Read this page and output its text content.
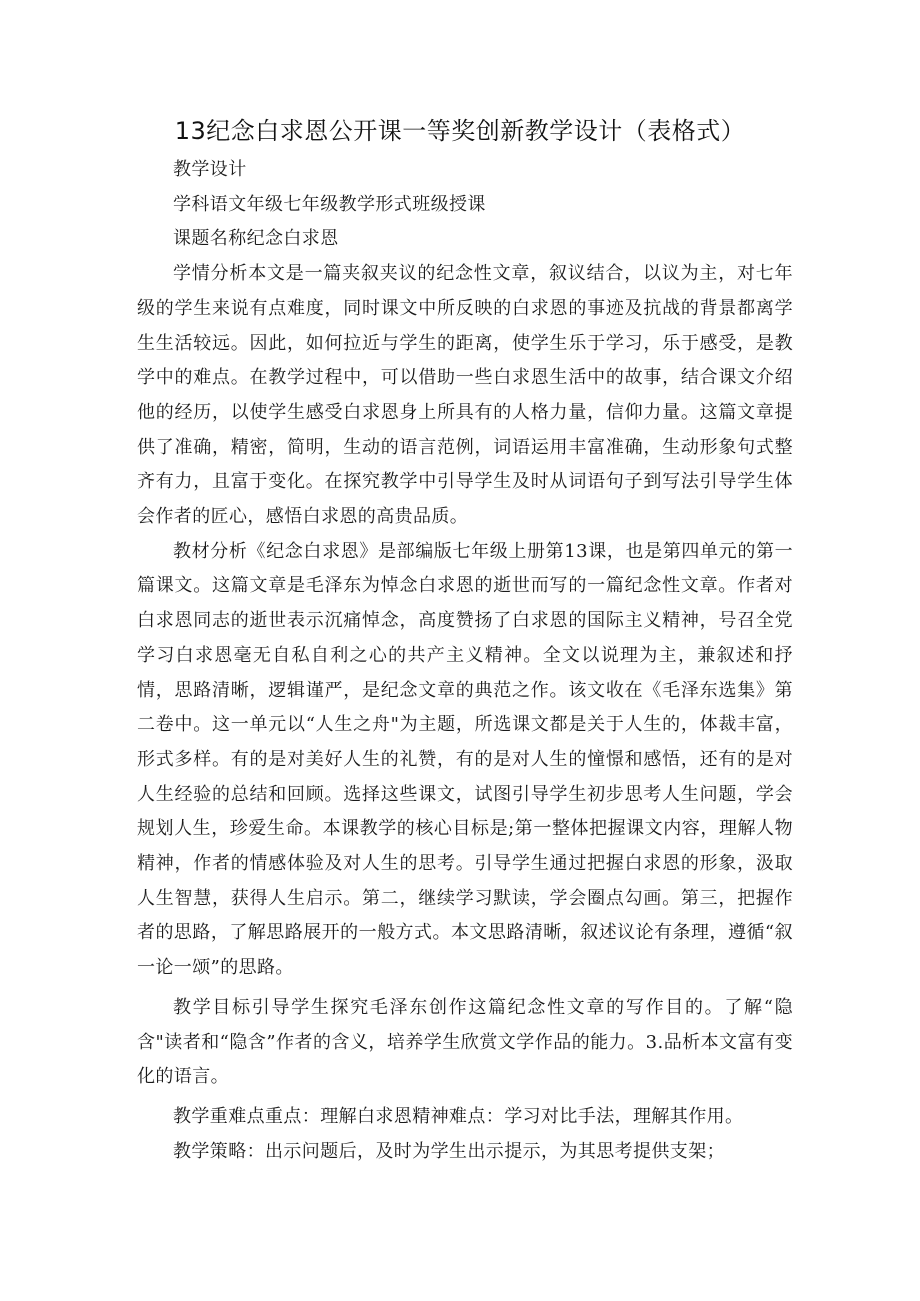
13纪念白求恩公开课一等奖创新教学设计（表格式）

教学设计

学科语文年级七年级教学形式班级授课

课题名称纪念白求恩

学情分析本文是一篇夹叙夹议的纪念性文章，叙议结合，以议为主，对七年级的学生来说有点难度，同时课文中所反映的白求恩的事迹及抗战的背景都离学生生活较远。因此，如何拉近与学生的距离，使学生乐于学习，乐于感受，是教学中的难点。在教学过程中，可以借助一些白求恩生活中的故事，结合课文介绍他的经历，以使学生感受白求恩身上所具有的人格力量，信仰力量。这篇文章提供了准确，精密，简明，生动的语言范例，词语运用丰富准确，生动形象句式整齐有力，且富于变化。在探究教学中引导学生及时从词语句子到写法引导学生体会作者的匠心，感悟白求恩的高贵品质。

教材分析《纪念白求恩》是部编版七年级上册第13课，也是第四单元的第一篇课文。这篇文章是毛泽东为悼念白求恩的逝世而写的一篇纪念性文章。作者对白求恩同志的逝世表示沉痛悼念，高度赞扬了白求恩的国际主义精神，号召全党学习白求恩毫无自私自利之心的共产主义精神。全文以说理为主，兼叙述和抒情，思路清晰，逻辑谨严，是纪念文章的典范之作。该文收在《毛泽东选集》第二卷中。这一单元以“人生之舟"为主题，所选课文都是关于人生的，体裁丰富，形式多样。有的是对美好人生的礼赞，有的是对人生的憧憬和感悟，还有的是对人生经验的总结和回顾。选择这些课文，试图引导学生初步思考人生问题，学会规划人生，珍爱生命。本课教学的核心目标是;第一整体把握课文内容，理解人物精神，作者的情感体验及对人生的思考。引导学生通过把握白求恩的形象，汲取人生智慧，获得人生启示。第二，继续学习默读，学会圈点勾画。第三，把握作者的思路，了解思路展开的一般方式。本文思路清晰，叙述议论有条理，遵循“叙一论一颂”的思路。

教学目标引导学生探究毛泽东创作这篇纪念性文章的写作目的。了解“隐含"读者和“隐含”作者的含义，培养学生欣赏文学作品的能力。3.品析本文富有变化的语言。

教学重难点重点：理解白求恩精神难点：学习对比手法，理解其作用。

教学策略：出示问题后，及时为学生出示提示，为其思考提供支架；
